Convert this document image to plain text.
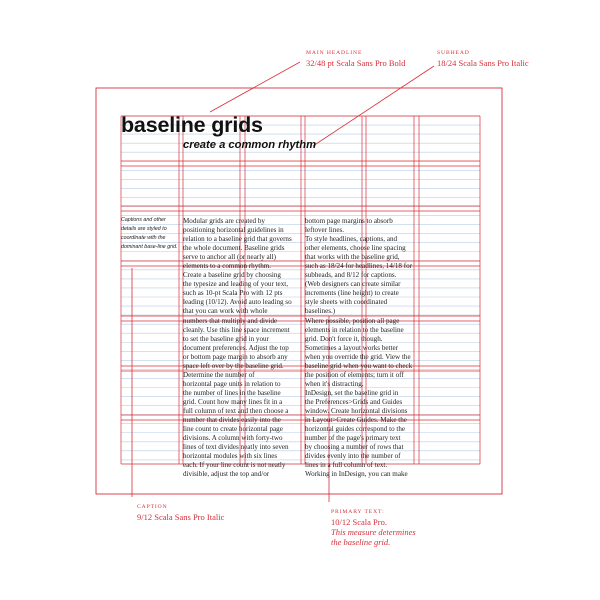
MAIN HEADLINE
32/48 pt Scala Sans Pro Bold
SUBHEAD
18/24 Scala Sans Pro Italic
CAPTION
9/12 Scala Sans Pro Italic	PRIMARY TEXT:
10/12 Scala Pro.
This measure determines
the baseline grid.
baseline grids
create a common rhythm

Captions and other details are styled to coordinate with the dominant base-line grid.

Modular grids are created by
positioning horizontal guidelines in
relation to a baseline grid that governs
the whole document. Baseline grids
serve to anchor all (or nearly all)
elements to a common rhythm.
Create a baseline grid by choosing
the typesize and leading of your text,
such as 10-pt Scala Pro with 12 pts
leading (10/12). Avoid auto leading so
that you can work with whole
numbers that multiply and divide
cleanly. Use this line space increment
to set the baseline grid in your
document preferences. Adjust the top
or bottom page margin to absorb any
space left over by the baseline grid.
Determine the number of
horizontal page units in relation to
the number of lines in the baseline
grid. Count how many lines fit in a
full column of text and then choose a
number that divides easily into the
line count to create horizontal page
divisions. A column with forty-two
lines of text divides neatly into seven
horizontal modules with six lines
each. If your line count is not neatly
divisible, adjust the top and/or
bottom page margins to absorb
leftover lines.
To style headlines, captions, and
other elements, choose line spacing
that works with the baseline grid,
such as 18/24 for headlines, 14/18 for
subheads, and 8/12 for captions.
(Web designers can create similar
increments (line height) to create
style sheets with coordinated
baselines.)
Where possible, position all page
elements in relation to the baseline
grid. Don't force it, though.
Sometimes a layout works better
when you override the grid. View the
baseline grid when you want to check
the position of elements; turn it off
when it's distracting.
InDesign, set the baseline grid in
the Preferences>Grids and Guides
window. Create horizontal divisions
in Layout>Create Guides. Make the
horizontal guides correspond to the
number of the page's primary text
by choosing a number of rows that
divides evenly into the number of
lines in a full column of text.
Working in InDesign, you can make
